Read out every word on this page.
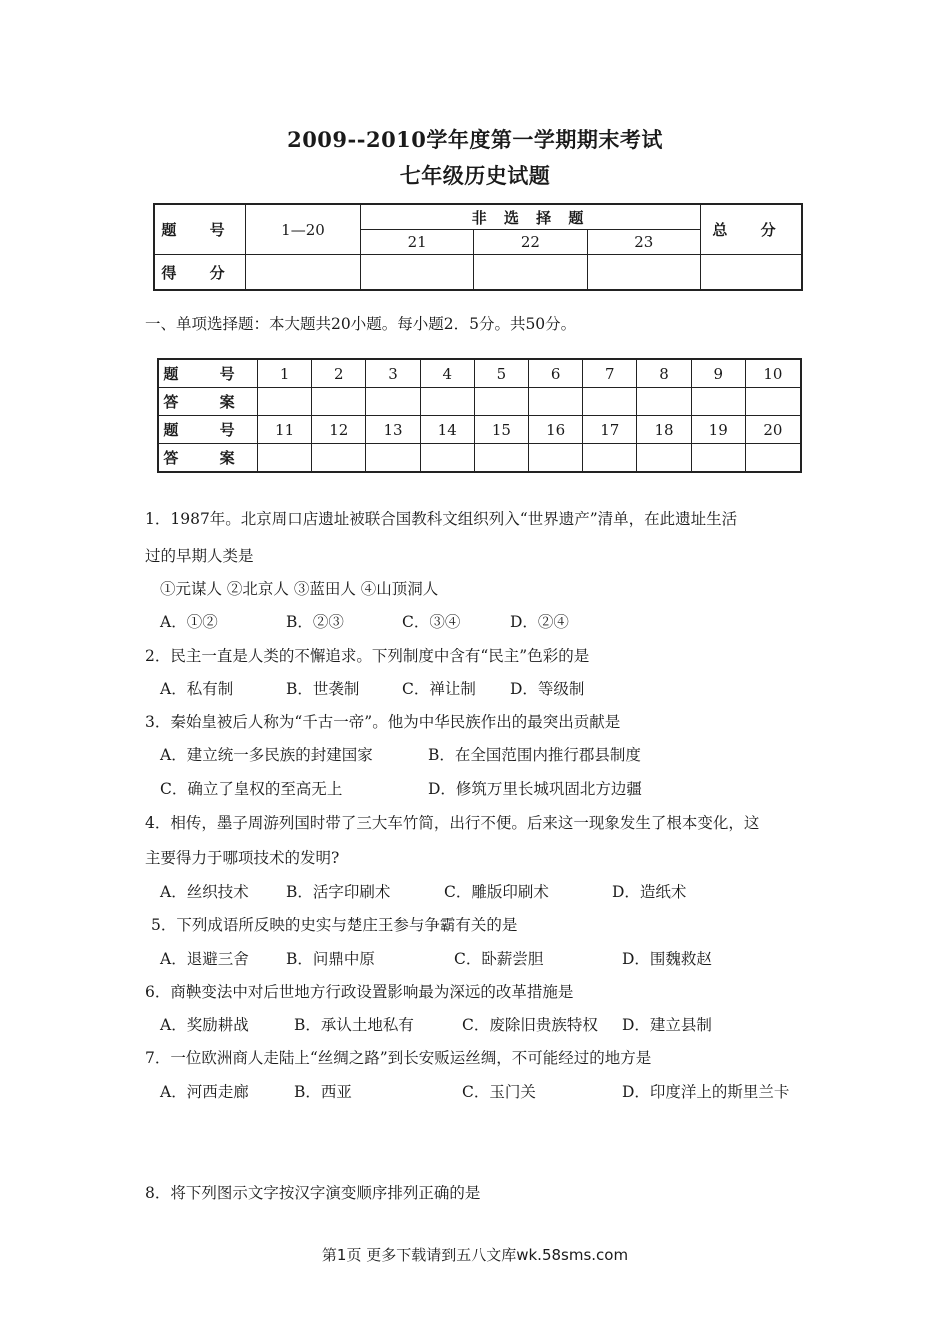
2009--2010学年度第一学期期末考试
七年级历史试题
题 号	1—20	非 选 择 题			总 分
		21	22	23	
得 分					
一、单项选择题：本大题共20小题。每小题2．5分。共50分。
题 号	1	2	3	4	5	6	7	8	9	10
答 案										
题 号	11	12	13	14	15	16	17	18	19	20
答 案										
1．1987年。北京周口店遗址被联合国教科文组织列入“世界遗产”清单，在此遗址生活
过的早期人类是
①元谋人 ②北京人 ③蓝田人 ④山顶洞人
A．①②	B．②③	C．③④	D．②④
2．民主一直是人类的不懈追求。下列制度中含有“民主”色彩的是
A．私有制	B．世袭制	C．禅让制 D．等级制
3．秦始皇被后人称为“千古一帝”。他为中华民族作出的最突出贡献是
A．建立统一多民族的封建国家	B．在全国范围内推行郡县制度
C．确立了皇权的至高无上	D．修筑万里长城巩固北方边疆
4．相传，墨子周游列国时带了三大车竹简，出行不便。后来这一现象发生了根本变化，这
主要得力于哪项技术的发明?
A．丝织技术 B．活字印刷术	C．雕版印刷术	D．造纸术
5．下列成语所反映的史实与楚庄王参与争霸有关的是
A．退避三舍 B．问鼎中原	C．卧薪尝胆	D．围魏救赵
6．商鞅变法中对后世地方行政设置影响最为深远的改革措施是
A．奖励耕战	B．承认土地私有	C．废除旧贵族特权 D．建立县制
7．一位欧洲商人走陆上“丝绸之路”到长安贩运丝绸，不可能经过的地方是
A．河西走廊	B．西亚	C．玉门关	D．印度洋上的斯里兰卡
8．将下列图示文字按汉字演变顺序排列正确的是
第1页 更多下载请到五八文库wk.58sms.com
